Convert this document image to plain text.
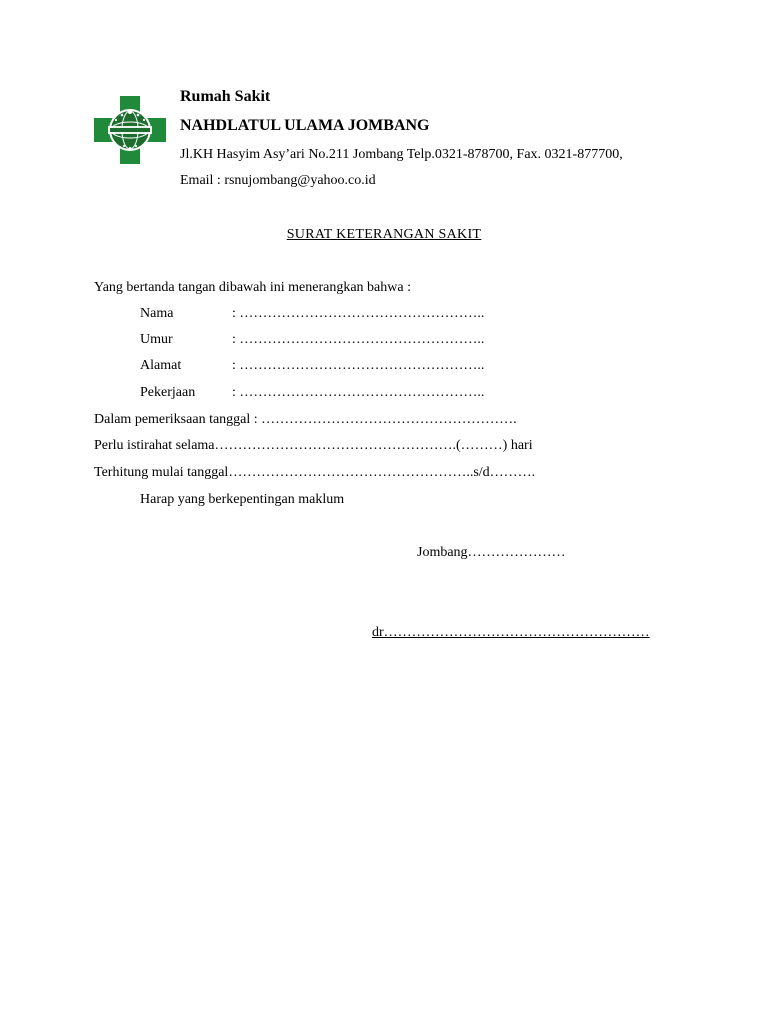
Rumah Sakit
NAHDLATUL ULAMA JOMBANG
Jl.KH Hasyim Asy’ari No.211 Jombang Telp.0321-878700, Fax. 0321-877700,
Email : rsnujombang@yahoo.co.id
SURAT KETERANGAN SAKIT
Yang bertanda tangan dibawah ini menerangkan bahwa :
Nama	: ……………………………………………..
Umur	: ……………………………………………..
Alamat	: ……………………………………………..
Pekerjaan	: ……………………………………………..
Dalam pemeriksaan tanggal : ……………………………………………….
Perlu istirahat selama…………………………………………….(………) hari
Terhitung mulai tanggal……………………………………………..s/d……….
Harap yang berkepentingan maklum
Jombang…………………
dr…………………………………………………
